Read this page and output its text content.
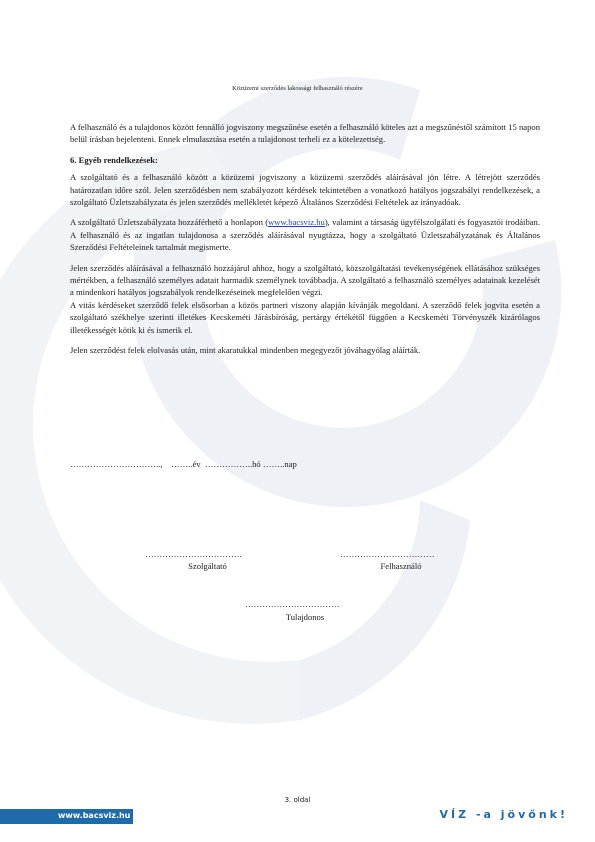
Közüzemi szerződés lakossági felhasználó részére

A felhasználó és a tulajdonos között fennálló jogviszony megszűnése esetén a felhasználó köteles azt a megszűnéstől számított 15 napon belül írásban bejelenteni. Ennek elmulasztása esetén a tulajdonost terheli ez a kötelezettség.

6. Egyéb rendelkezések:

A szolgáltató és a felhasználó között a közüzemi jogviszony a közüzemi szerződés aláírásával jön létre. A létrejött szerződés határozatlan időre szól. Jelen szerződésben nem szabályozott kérdések tekintetében a vonatkozó hatályos jogszabályi rendelkezések, a szolgáltató Üzletszabályzata és jelen szerződés mellékletét képező Általános Szerződési Feltételek az irányadóak.

A szolgáltató Üzletszabályzata hozzáférhető a honlapon (www.bacsviz.hu), valamint a társaság ügyfélszolgálati és fogyasztói irodáiban. A felhasználó és az ingatlan tulajdonosa a szerződés aláírásával nyugtázza, hogy a szolgáltató Üzletszabályzatának és Általános Szerződési Feltételeinek tartalmát megismerte.

Jelen szerződés aláírásával a felhasználó hozzájárul ahhoz, hogy a szolgáltató, közszolgáltatási tevékenységének ellátásához szükséges mértékben, a felhasználó személyes adatait harmadik személynek továbbadja. A szolgáltató a felhasználó személyes adatainak kezelését a mindenkori hatályos jogszabályok rendelkezéseinek megfelelően végzi.

A vitás kérdéseket szerződő felek elsősorban a közös partneri viszony alapján kívánják megoldani. A szerződő felek jogvita esetén a szolgáltató székhelye szerinti illetékes Kecskeméti Járásbíróság, pertárgy értékétől függően a Kecskeméti Törvényszék kizárólagos illetékességét kötik ki és ismerik el.

Jelen szerződést felek elolvasás után, mint akaratukkal mindenben megegyezőt jóváhagyólag aláírták.

…………………………..,    ……..év  ……………..hó ……..nap
…………………………….
Szolgáltató
……………………………
Felhasználó
……………………………
Tulajdonos
3. oldal
www.bacsviz.hu	VÍZ -a jövőnk!
